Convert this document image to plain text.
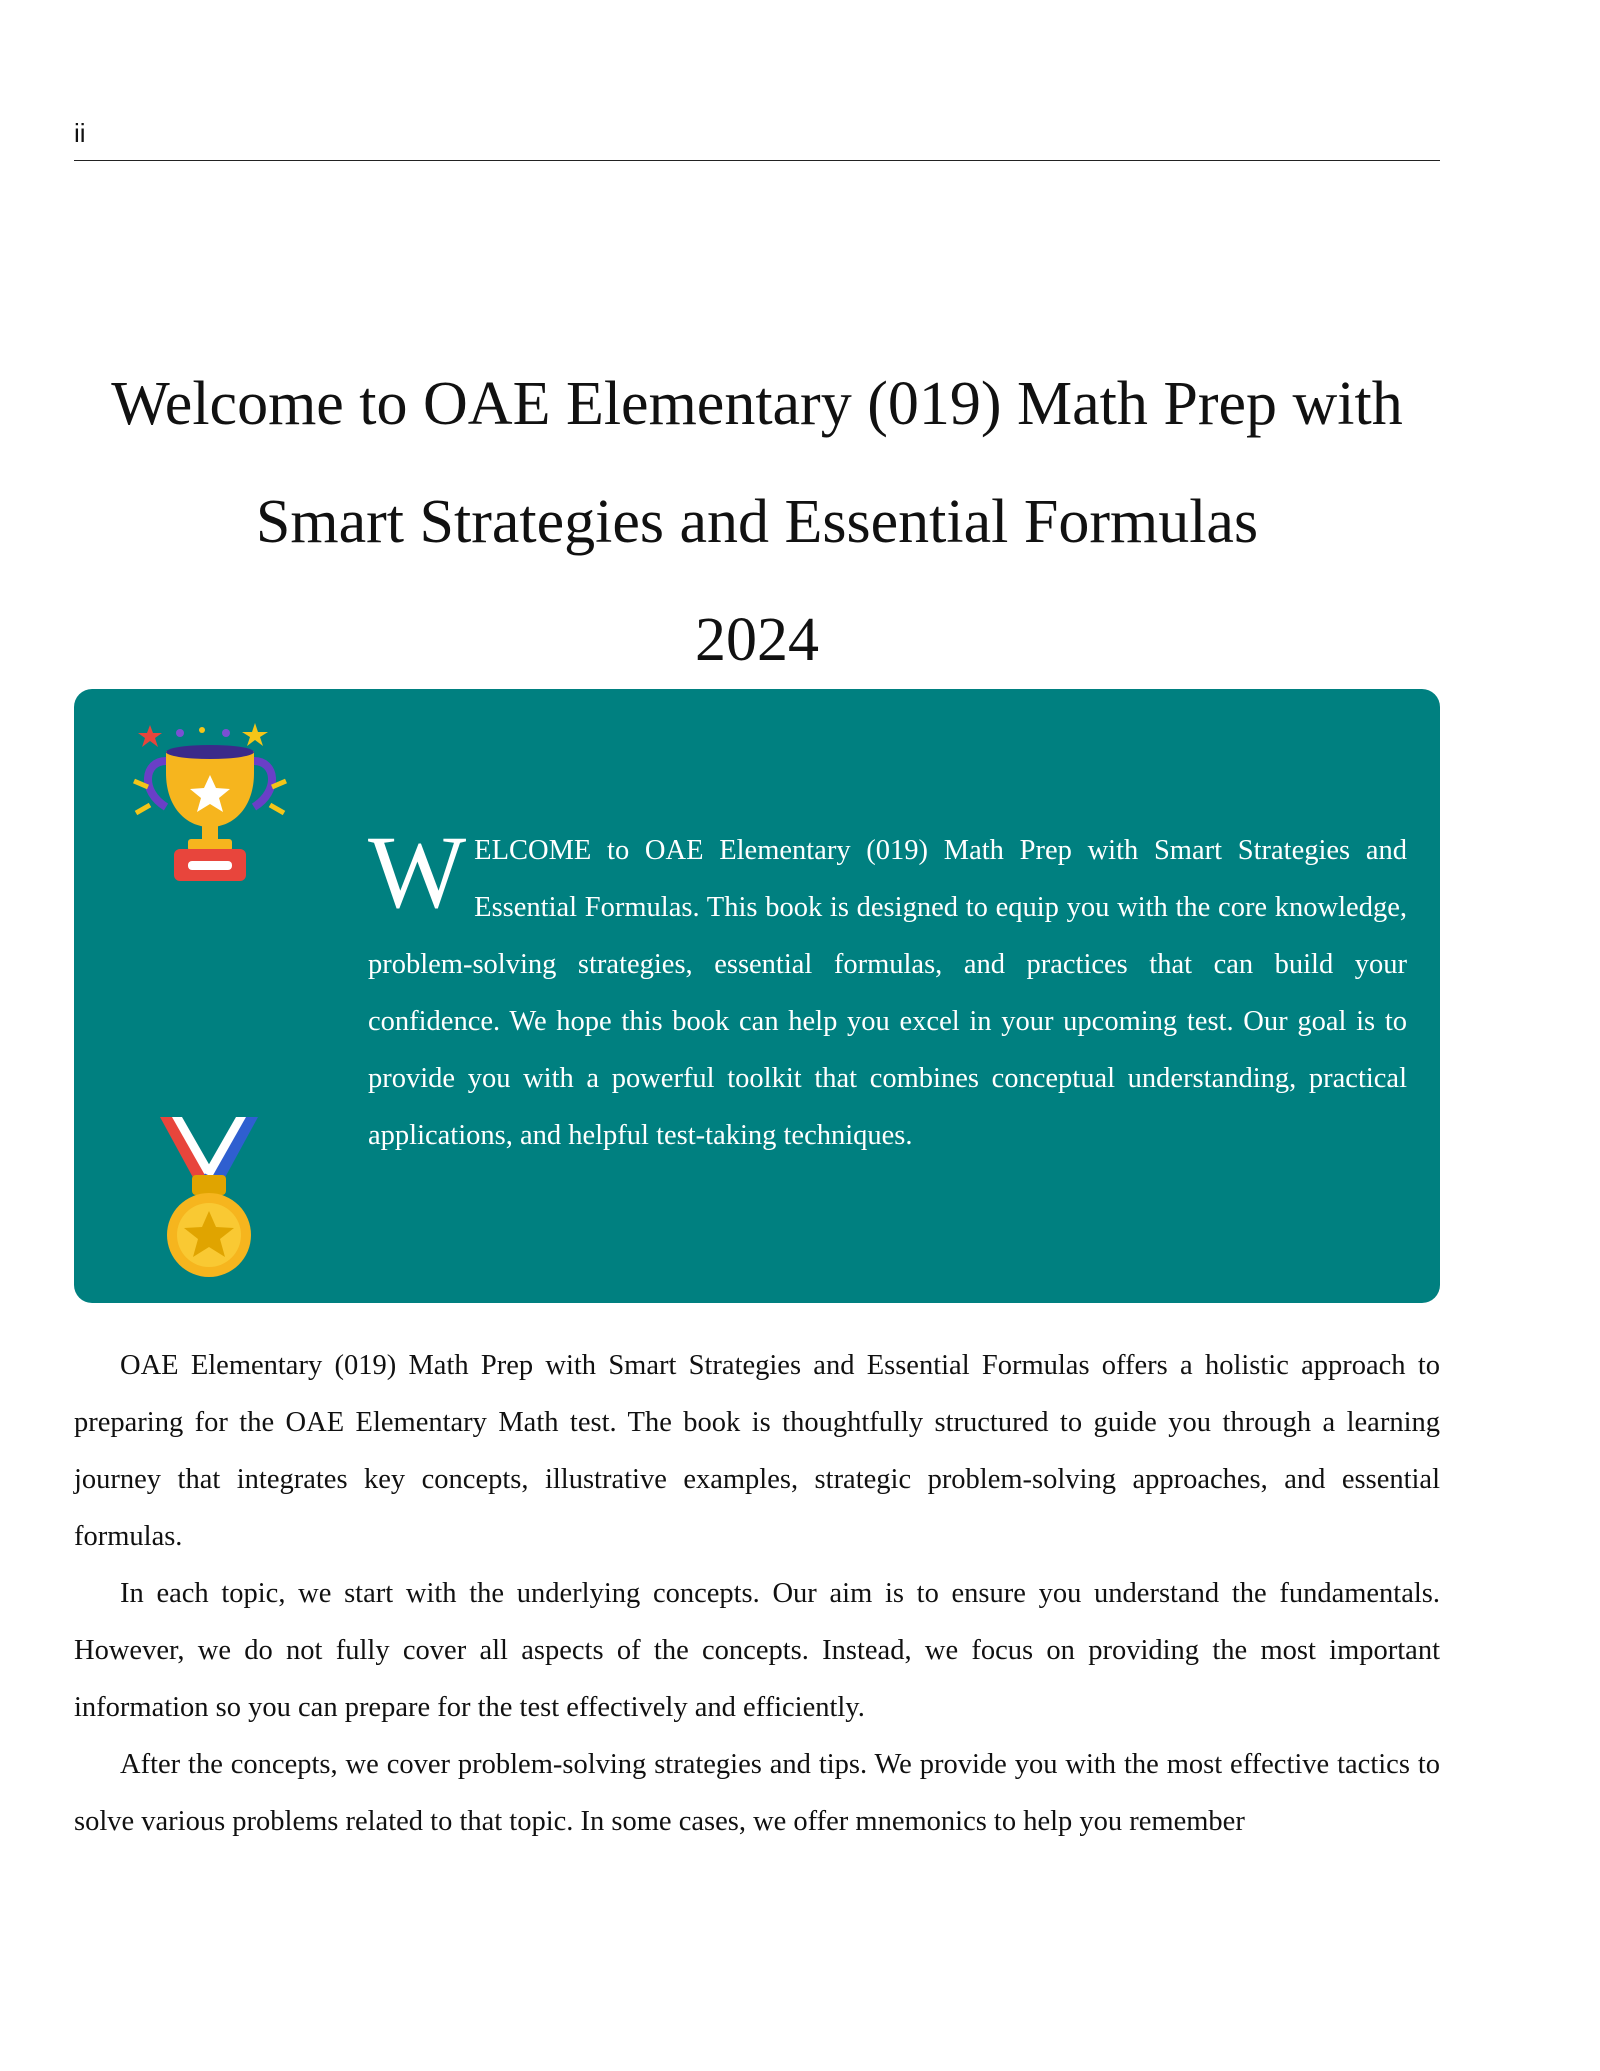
ii
Welcome to OAE Elementary (019) Math Prep with
Smart Strategies and Essential Formulas
2024
WELCOME to OAE Elementary (019) Math Prep with Smart Strategies and Essential Formulas. This book is designed to equip you with the core knowledge, problem-solving strategies, essential formulas, and practices that can build your confidence. We hope this book can help you excel in your upcoming test. Our goal is to provide you with a powerful toolkit that combines conceptual understanding, practical applications, and helpful test-taking techniques.

OAE Elementary (019) Math Prep with Smart Strategies and Essential Formulas offers a holistic approach to preparing for the OAE Elementary Math test. The book is thoughtfully structured to guide you through a learning journey that integrates key concepts, illustrative examples, strategic problem-solving approaches, and essential formulas.

In each topic, we start with the underlying concepts. Our aim is to ensure you understand the fundamentals. However, we do not fully cover all aspects of the concepts. Instead, we focus on providing the most important information so you can prepare for the test effectively and efficiently.

After the concepts, we cover problem-solving strategies and tips. We provide you with the most effective tactics to solve various problems related to that topic. In some cases, we offer mnemonics to help you remember
